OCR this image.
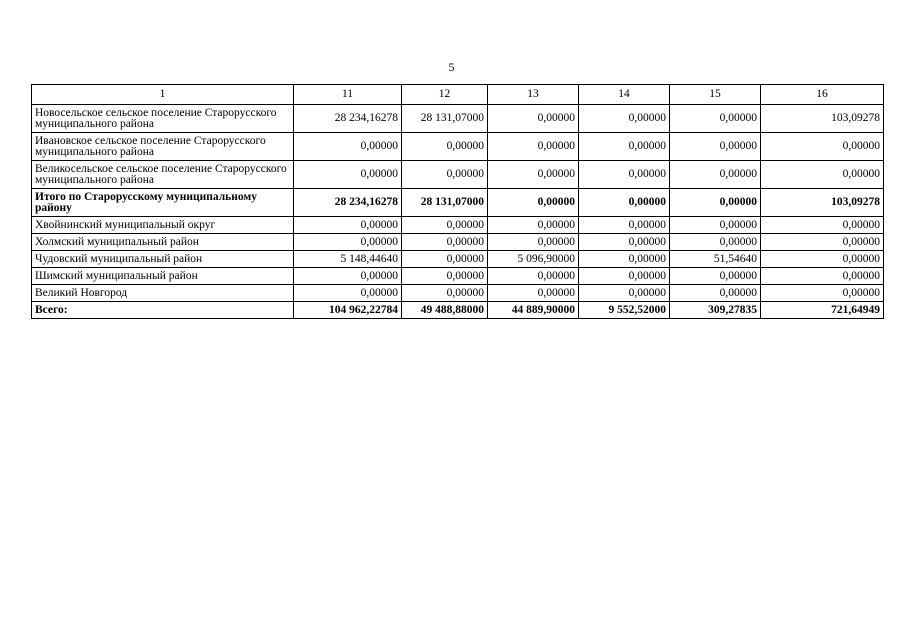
5
1	11	12	13	14	15	16
Новосельское сельское поселение Старорусского муниципального района	28 234,16278	28 131,07000	0,00000	0,00000	0,00000	103,09278
Ивановское сельское поселение Старорусского муниципального района	0,00000	0,00000	0,00000	0,00000	0,00000	0,00000
Великосельское сельское поселение Старорусского муниципального района	0,00000	0,00000	0,00000	0,00000	0,00000	0,00000
Итого по Старорусскому муниципальному району	28 234,16278	28 131,07000	0,00000	0,00000	0,00000	103,09278
Хвойнинский муниципальный округ	0,00000	0,00000	0,00000	0,00000	0,00000	0,00000
Холмский муниципальный район	0,00000	0,00000	0,00000	0,00000	0,00000	0,00000
Чудовский муниципальный район	5 148,44640	0,00000	5 096,90000	0,00000	51,54640	0,00000
Шимский муниципальный район	0,00000	0,00000	0,00000	0,00000	0,00000	0,00000
Великий Новгород	0,00000	0,00000	0,00000	0,00000	0,00000	0,00000
Всего:	104 962,22784	49 488,88000	44 889,90000	9 552,52000	309,27835	721,64949
